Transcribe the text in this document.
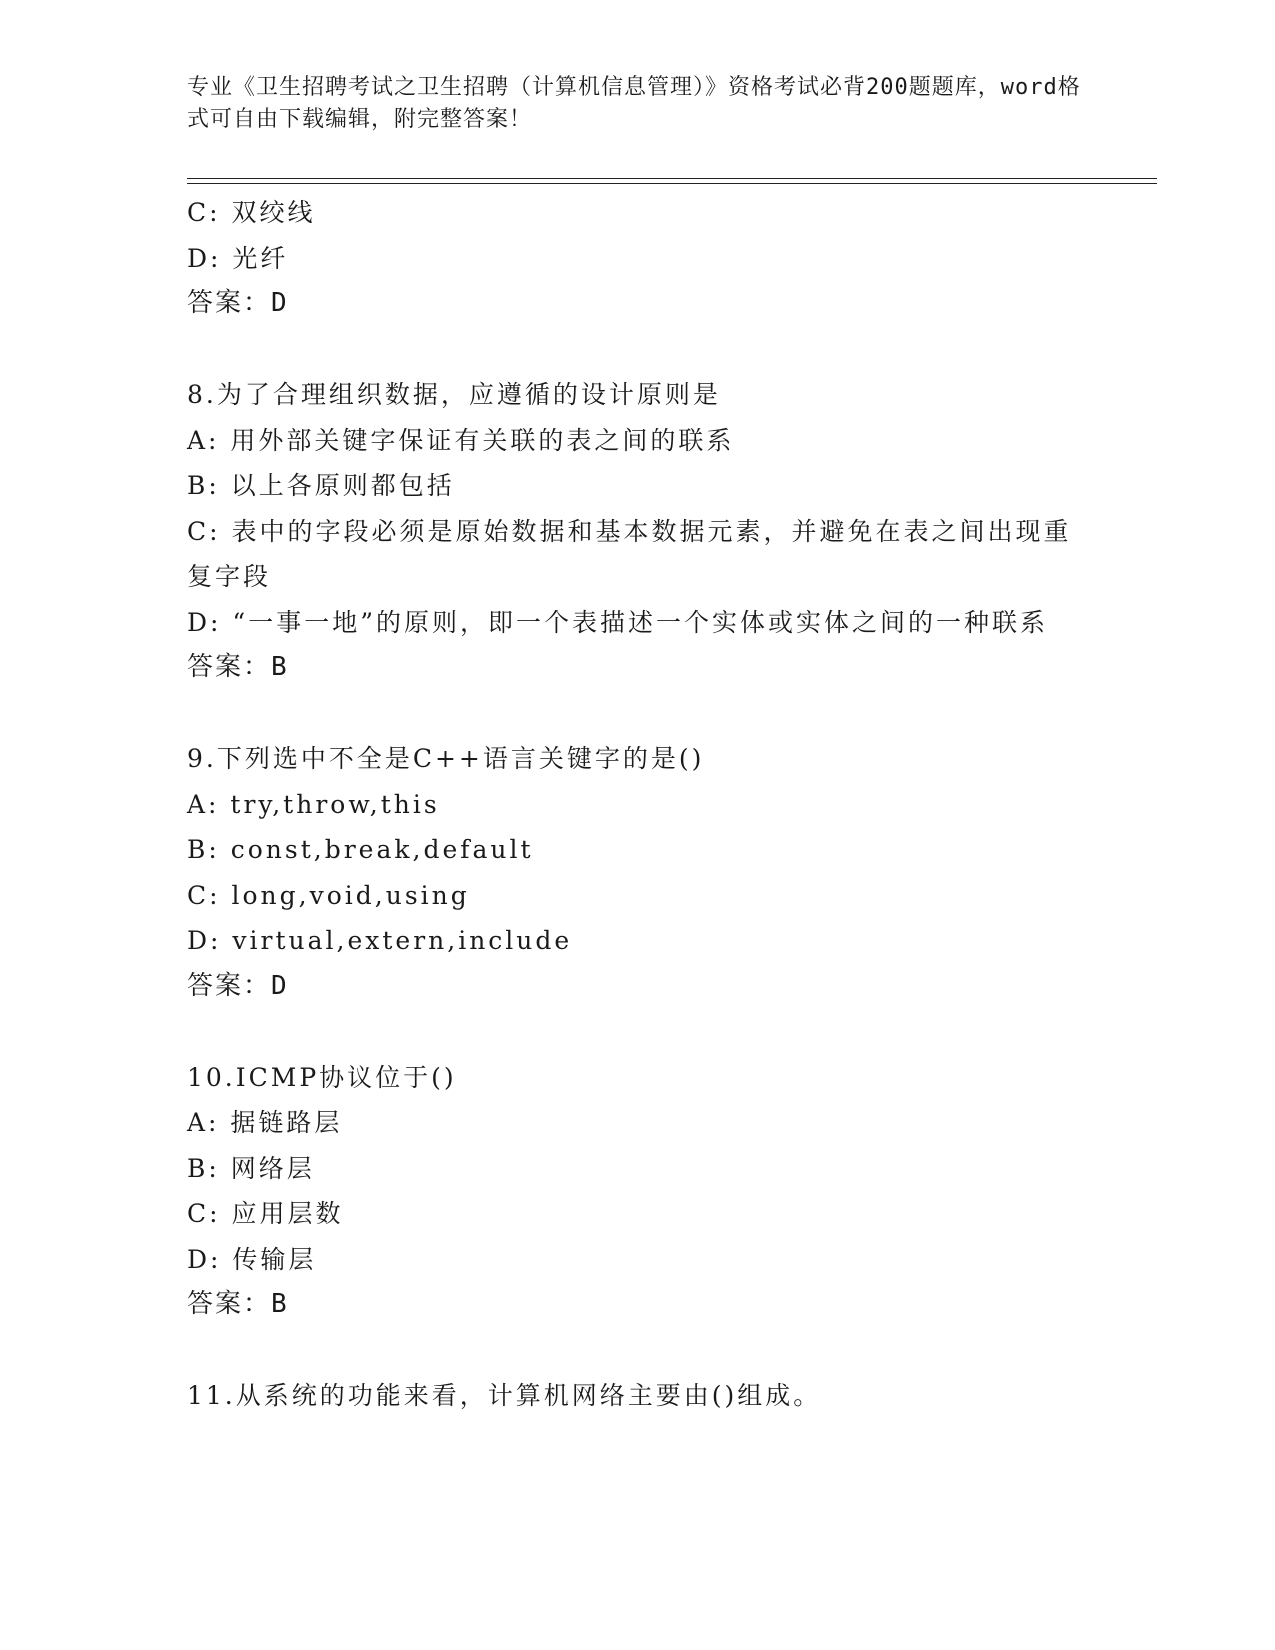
专业《卫生招聘考试之卫生招聘（计算机信息管理）》资格考试必背200题题库，word格式可自由下载编辑，附完整答案！
C: 双绞线
D: 光纤
答案：D
8.为了合理组织数据，应遵循的设计原则是
A: 用外部关键字保证有关联的表之间的联系
B: 以上各原则都包括
C: 表中的字段必须是原始数据和基本数据元素，并避免在表之间出现重复字段
D: “一事一地”的原则，即一个表描述一个实体或实体之间的一种联系
答案：B
9.下列选中不全是C++语言关键字的是()
A: try,throw,this
B: const,break,default
C: long,void,using
D: virtual,extern,include
答案：D
10.ICMP协议位于()
A: 据链路层
B: 网络层
C: 应用层数
D: 传输层
答案：B
11.从系统的功能来看，计算机网络主要由()组成。
